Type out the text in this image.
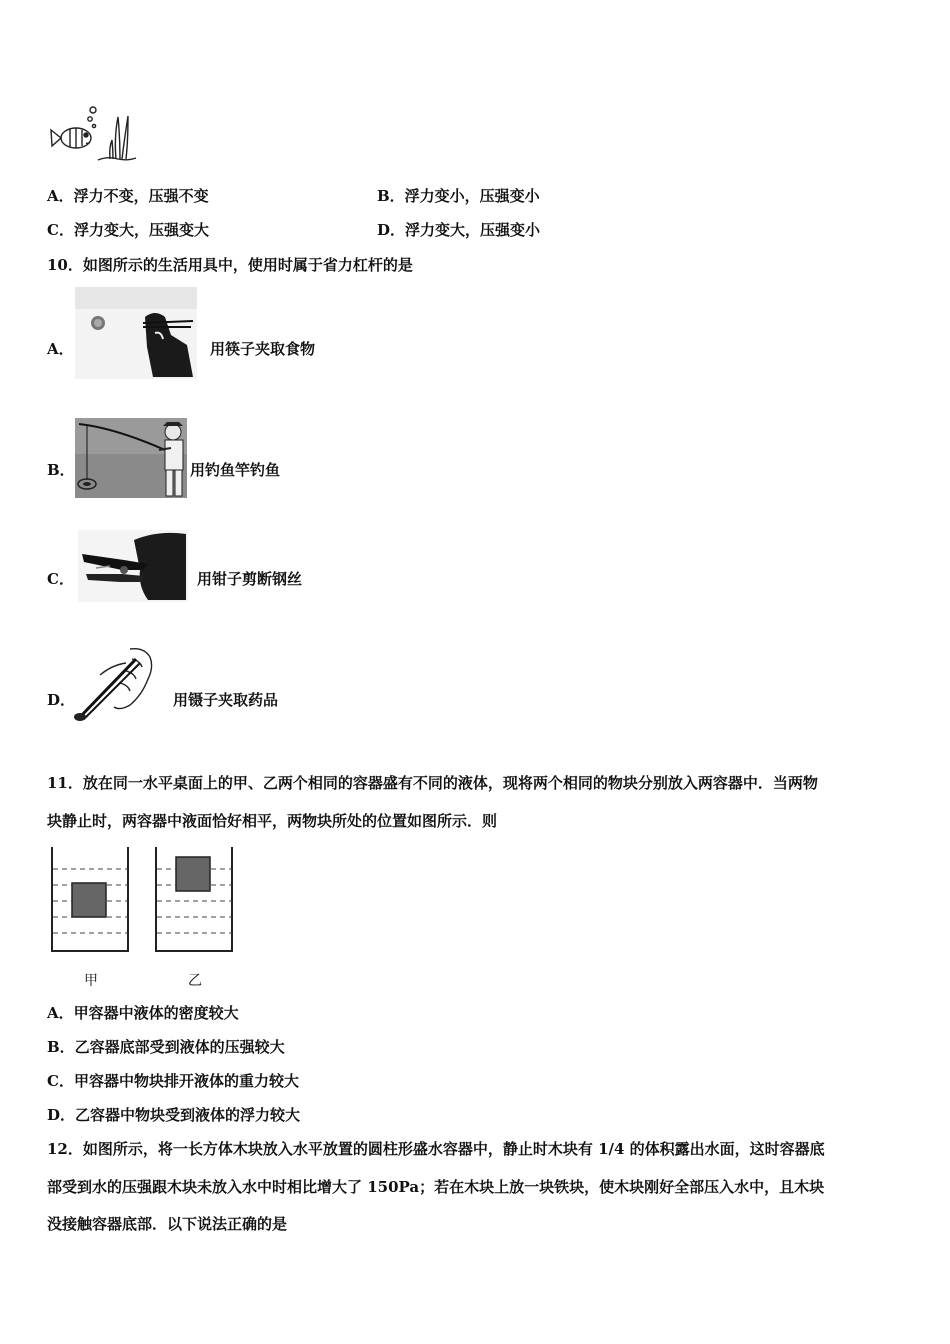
A．浮力不变，压强不变	B．浮力变小，压强变小
C．浮力变大，压强变大	D．浮力变大，压强变小
10．如图所示的生活用具中，使用时属于省力杠杆的是
A．	用筷子夹取食物
B．	用钓鱼竿钓鱼
C．	用钳子剪断钢丝
D．	用镊子夹取药品
11．放在同一水平桌面上的甲、乙两个相同的容器盛有不同的液体，现将两个相同的物块分别放入两容器中．当两物
块静止时，两容器中液面恰好相平，两物块所处的位置如图所示．则
甲	乙
A．甲容器中液体的密度较大
B．乙容器底部受到液体的压强较大
C．甲容器中物块排开液体的重力较大
D．乙容器中物块受到液体的浮力较大
12．如图所示，将一长方体木块放入水平放置的圆柱形盛水容器中，静止时木块有 1/4 的体积露出水面，这时容器底
部受到水的压强跟木块未放入水中时相比增大了 150Pa；若在木块上放一块铁块，使木块刚好全部压入水中，且木块
没接触容器底部．以下说法正确的是
